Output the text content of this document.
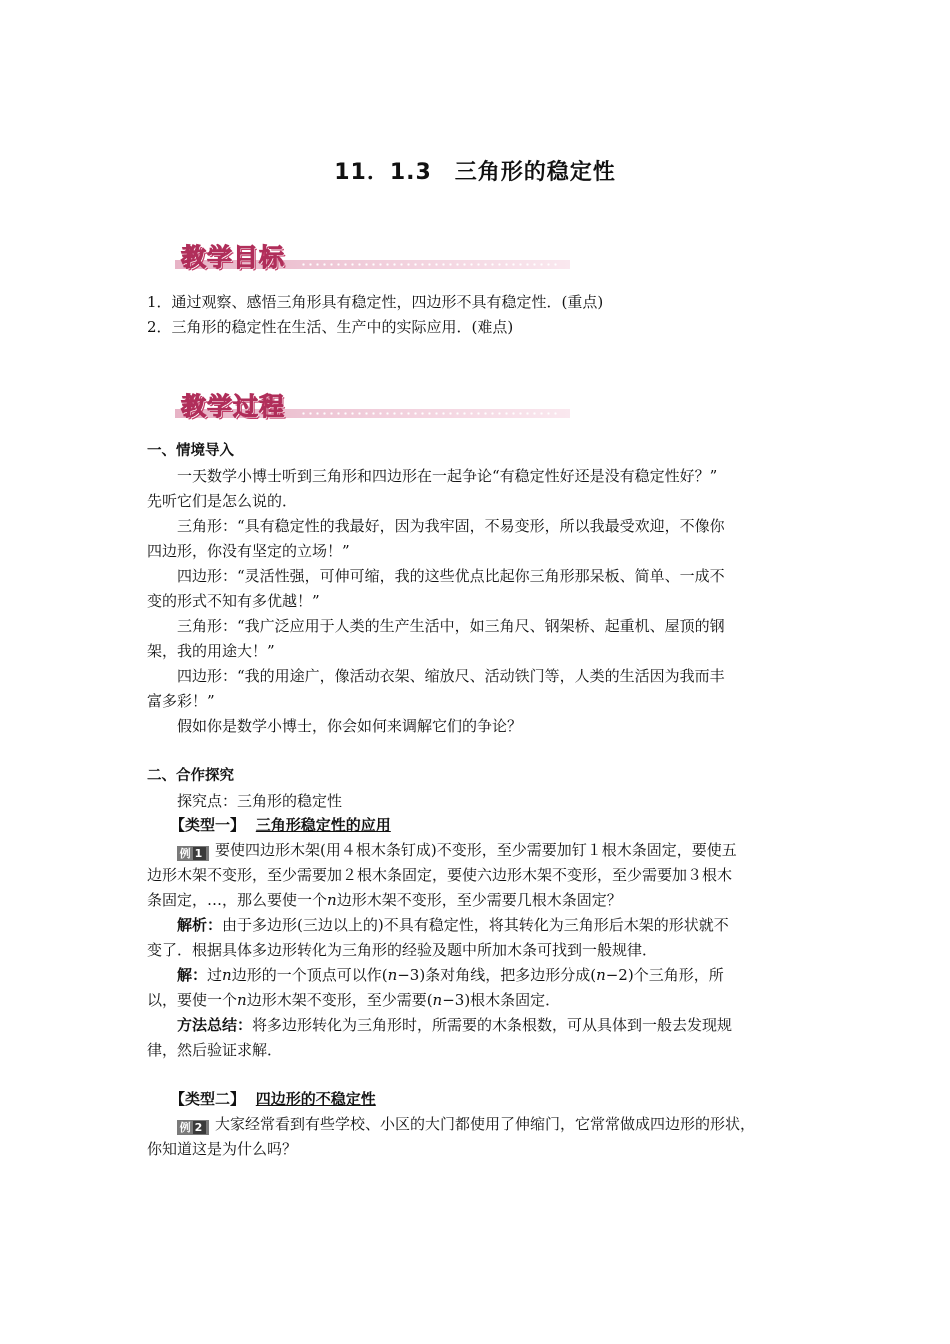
11．1.3　三角形的稳定性
教学目标
1．通过观察、感悟三角形具有稳定性，四边形不具有稳定性．(重点)
2．三角形的稳定性在生活、生产中的实际应用．(难点)
教学过程
一、情境导入
一天数学小博士听到三角形和四边形在一起争论“有稳定性好还是没有稳定性好？”
先听它们是怎么说的．
三角形：“具有稳定性的我最好，因为我牢固，不易变形，所以我最受欢迎，不像你
四边形，你没有坚定的立场！”
四边形：“灵活性强，可伸可缩，我的这些优点比起你三角形那呆板、简单、一成不
变的形式不知有多优越！”
三角形：“我广泛应用于人类的生产生活中，如三角尺、钢架桥、起重机、屋顶的钢
架，我的用途大！”
四边形：“我的用途广，像活动衣架、缩放尺、活动铁门等，人类的生活因为我而丰
富多彩！”
假如你是数学小博士，你会如何来调解它们的争论？
二、合作探究
探究点：三角形的稳定性
【类型一】 三角形稳定性的应用
例 1 要使四边形木架(用４根木条钉成)不变形，至少需要加钉１根木条固定，要使五
边形木架不变形，至少需要加２根木条固定，要使六边形木架不变形，至少需要加３根木
条固定，…，那么要使一个n边形木架不变形，至少需要几根木条固定？
解析：由于多边形(三边以上的)不具有稳定性，将其转化为三角形后木架的形状就不
变了．根据具体多边形转化为三角形的经验及题中所加木条可找到一般规律．
解：过n边形的一个顶点可以作(n−3)条对角线，把多边形分成(n−2)个三角形，所
以，要使一个n边形木架不变形，至少需要(n−3)根木条固定．
方法总结：将多边形转化为三角形时，所需要的木条根数，可从具体到一般去发现规
律，然后验证求解．
【类型二】 四边形的不稳定性
例 2 大家经常看到有些学校、小区的大门都使用了伸缩门，它常常做成四边形的形状，
你知道这是为什么吗？
